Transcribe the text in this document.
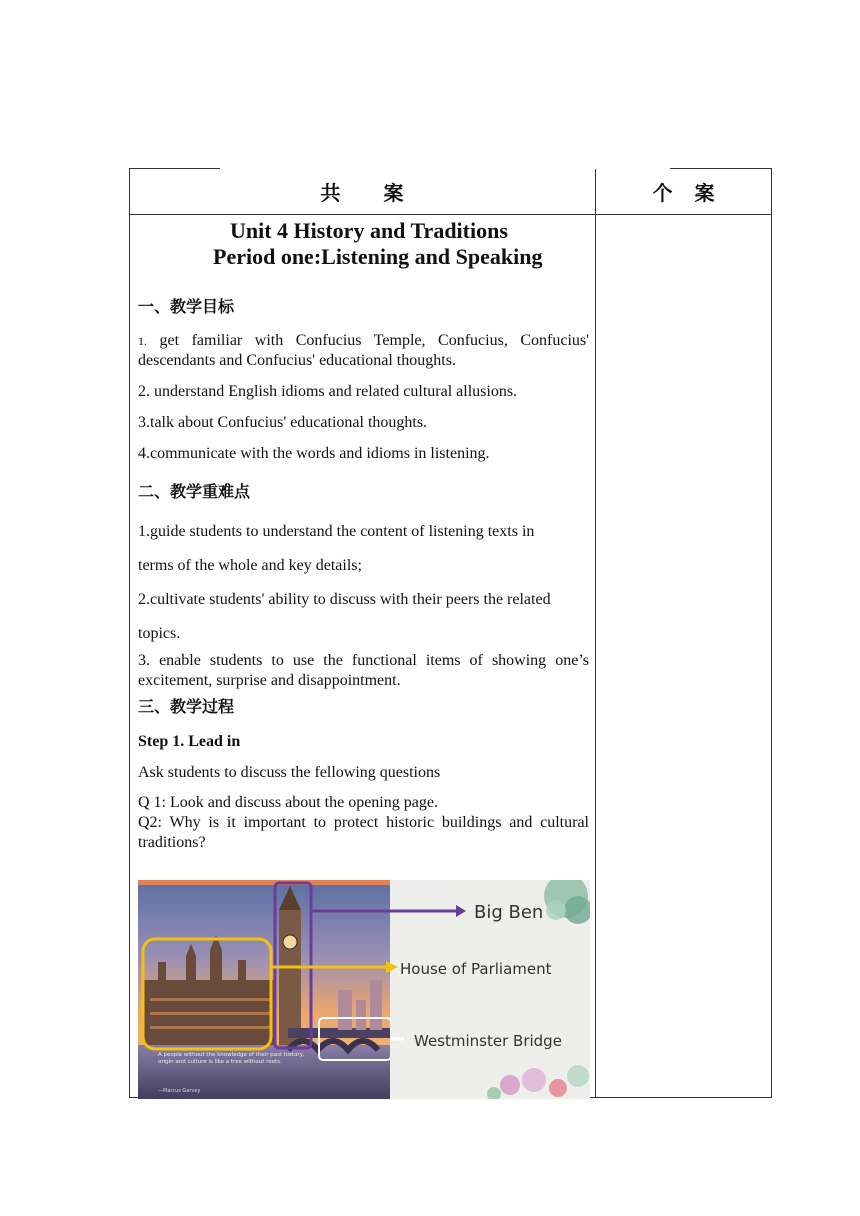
共　　案	个　案
Unit 4 History and Traditions
Period one:Listening and Speaking
一、教学目标
1. get familiar with Confucius Temple, Confucius, Confucius' descendants and Confucius' educational thoughts.
2. understand English idioms and related cultural allusions.
3.talk about Confucius' educational thoughts.
4.communicate with the words and idioms in listening.
二、教学重难点
1.guide students to understand the content of listening texts in
terms of the whole and key details;
2.cultivate students' ability to discuss with their peers the related
topics.
3. enable students to use the functional items of showing one’s excitement, surprise and disappointment.
三、教学过程
Step 1. Lead in
Ask students to discuss the fellowing questions
Q 1: Look and discuss about the opening page.
Q2: Why is it important to protect historic buildings and cultural traditions?
Big Ben
House of Parliament
Westminster Bridge
A people without the knowledge of their past history, origin and culture is like a tree without roots.
—Marcus Garvey
